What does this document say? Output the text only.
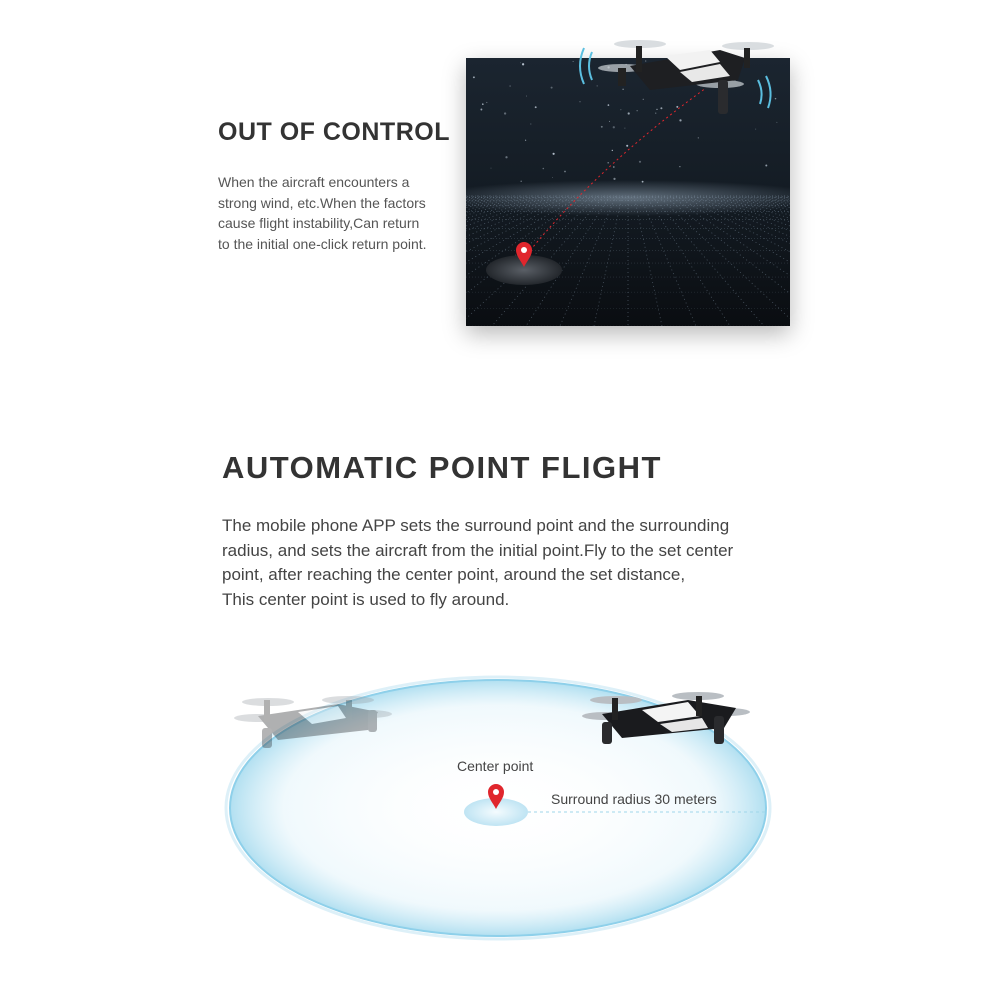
OUT OF CONTROL

When the aircraft encounters a
strong wind, etc.When the factors
cause flight instability,Can return
to the initial one-click return point.

AUTOMATIC POINT FLIGHT

The mobile phone APP sets the surround point and the surrounding
radius, and sets the aircraft from the initial point.Fly to the set center
point, after reaching the center point, around the set distance,
This center point is used to fly around.

Center point

Surround radius 30 meters
